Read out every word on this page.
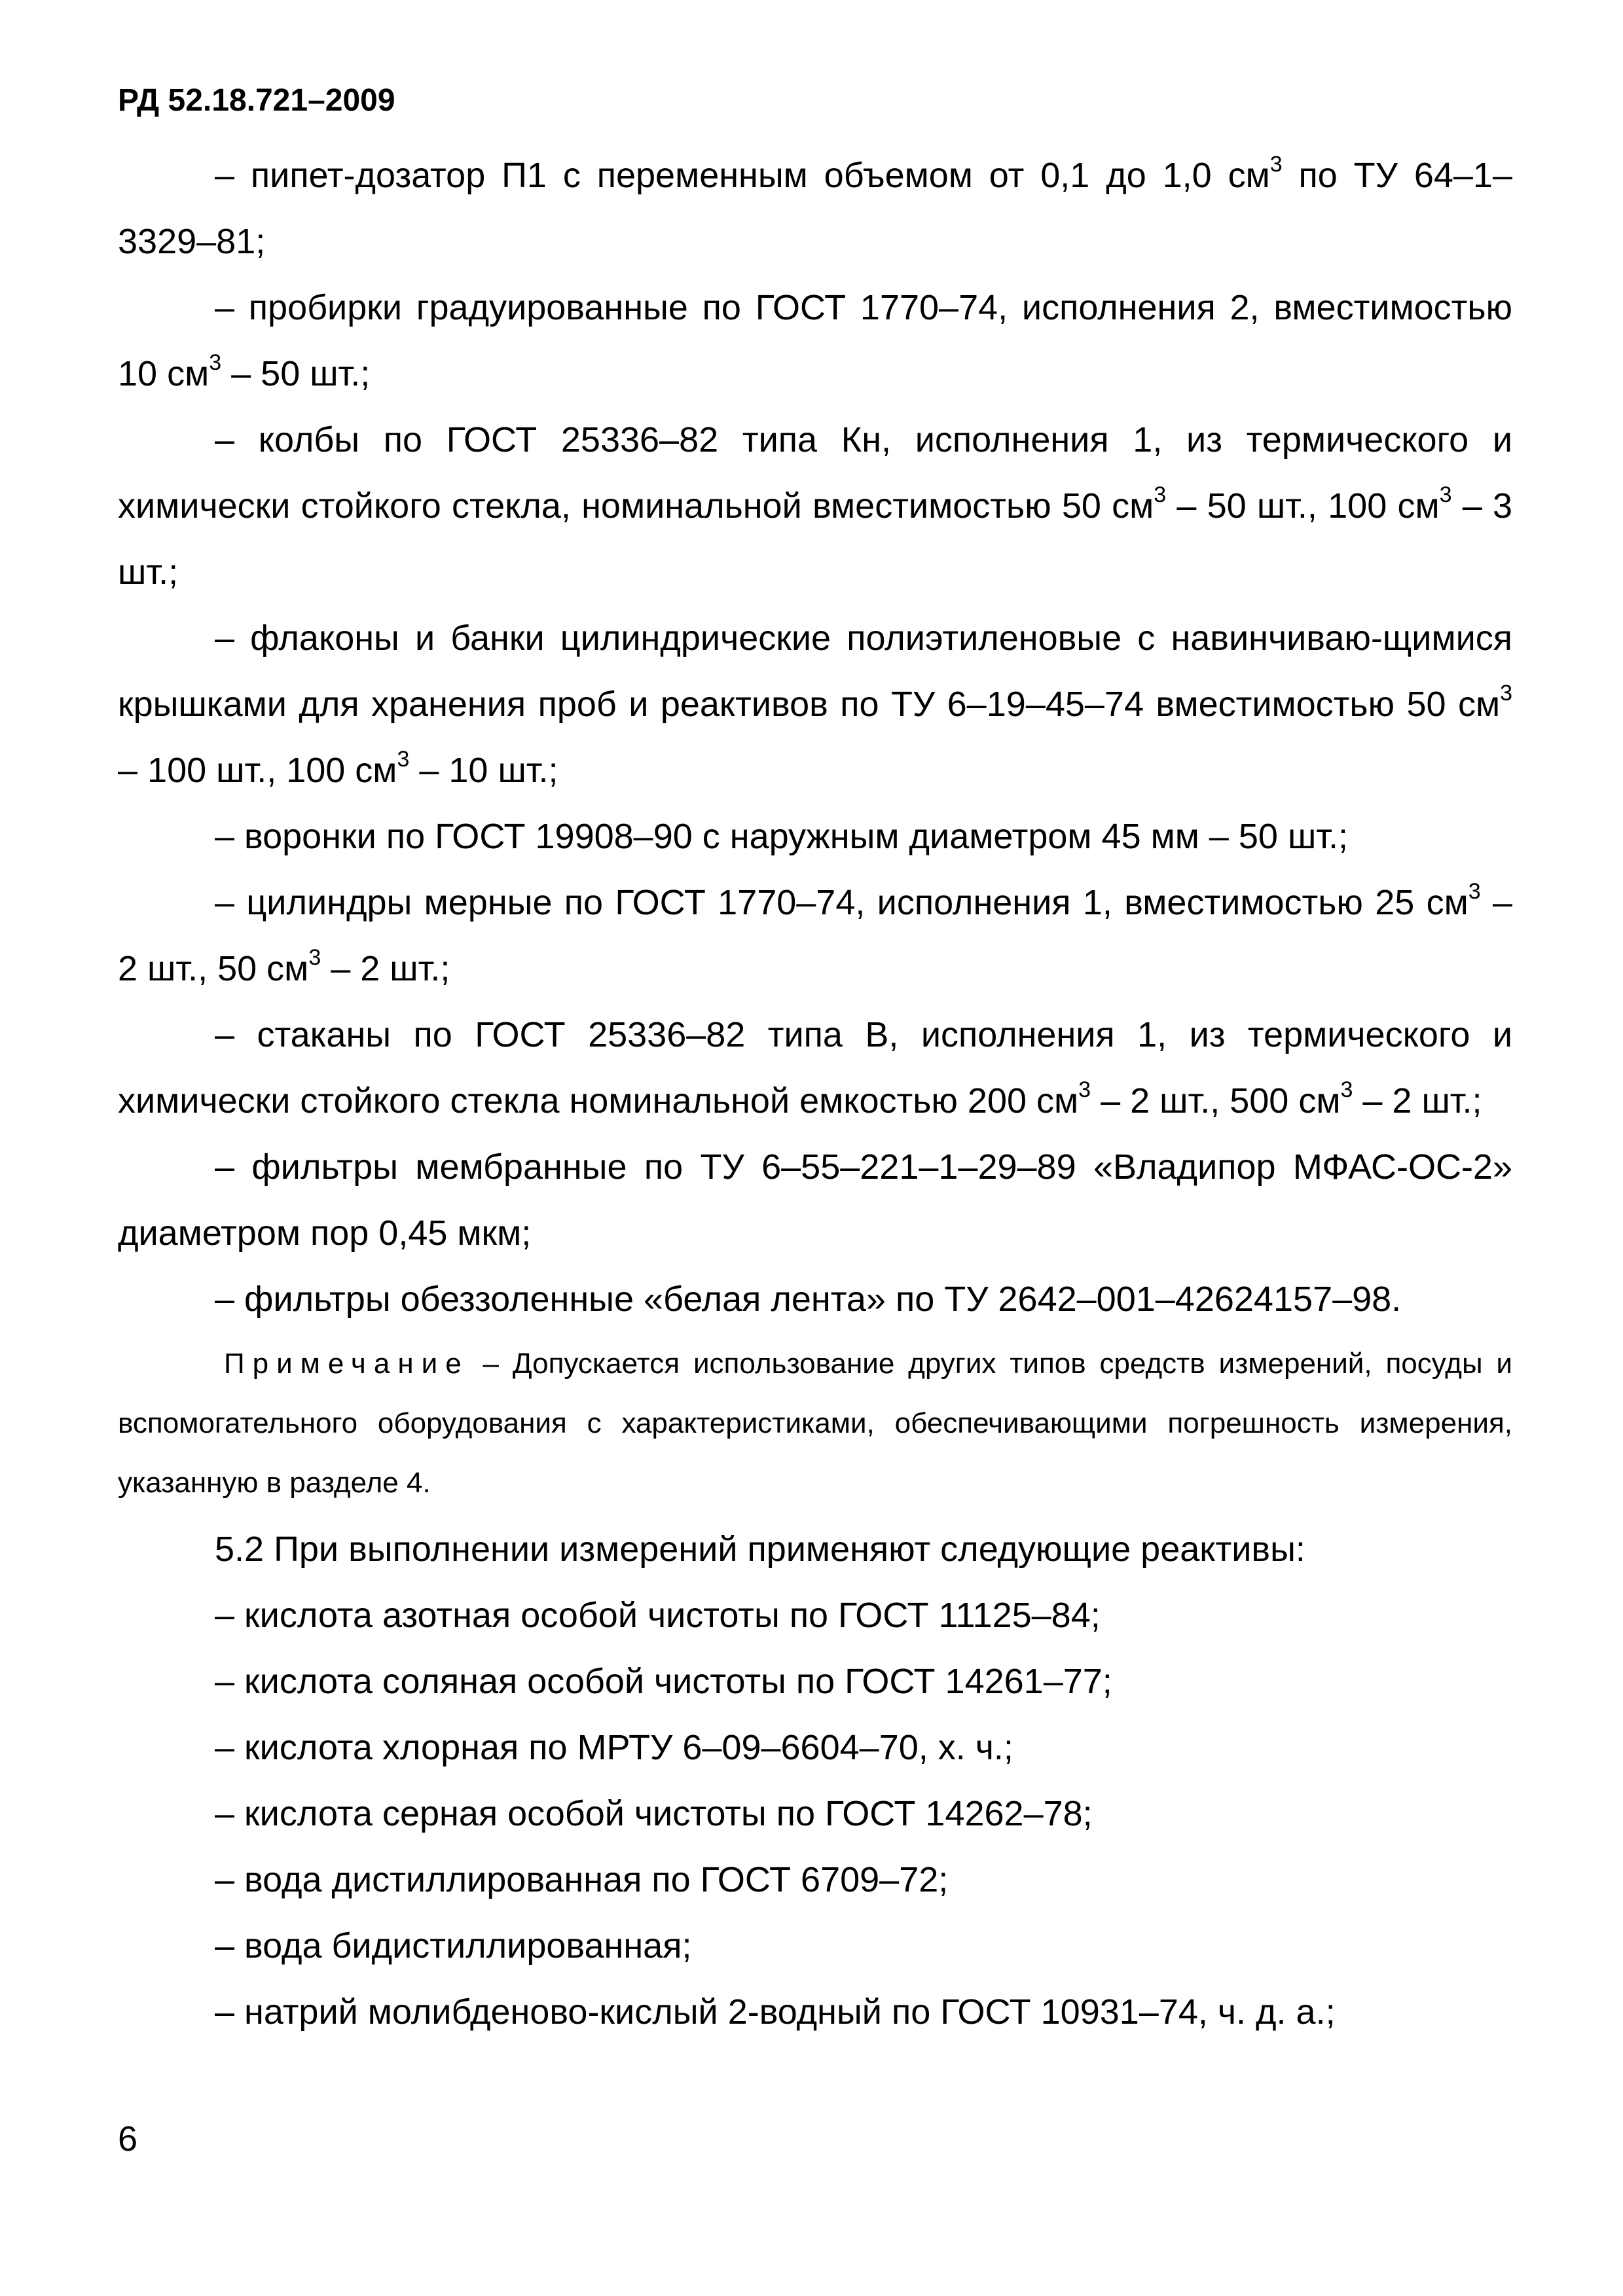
РД 52.18.721–2009

– пипет-дозатор П1 с переменным объемом от 0,1 до 1,0 $см^3$ по ТУ 64–1–3329–81;

– пробирки градуированные по ГОСТ 1770–74, исполнения 2, вместимостью 10 $см^3 - 50$ шт.;

– колбы по ГОСТ 25336–82 типа Кн, исполнения 1, из термического и химически стойкого стекла, номинальной вместимостью 50 $см^3 - 50$ шт., 100 $см^3 - 3$ шт.;

– флаконы и банки цилиндрические полиэтиленовые с навинчиваю-щимися крышками для хранения проб и реактивов по ТУ 6–19–45–74 вместимостью 50 $см^3 - 100$ шт., 100 $см^3 - 10$ шт.;

– воронки по ГОСТ 19908–90 с наружным диаметром 45 мм – 50 шт.;

– цилиндры мерные по ГОСТ 1770–74, исполнения 1, вместимостью 25 $см^3 - 2$ шт., 50 $см^3 - 2$ шт.;

– стаканы по ГОСТ 25336–82 типа В, исполнения 1, из термического и химически стойкого стекла номинальной емкостью 200 $см^3 - 2$ шт., 500 $см^3 - 2$ шт.;

– фильтры мембранные по ТУ 6–55–221–1–29–89 «Владипор МФАС-ОС-2» диаметром пор 0,45 мкм;

– фильтры обеззоленные «белая лента» по ТУ 2642–001–42624157–98.

Примечание – Допускается использование других типов средств измерений, посуды и вспомогательного оборудования с характеристиками, обеспечивающими погрешность измерения, указанную в разделе 4.

5.2 При выполнении измерений применяют следующие реактивы:

– кислота азотная особой чистоты по ГОСТ 11125–84;

– кислота соляная особой чистоты по ГОСТ 14261–77;

– кислота хлорная по МРТУ 6–09–6604–70, х. ч.;

– кислота серная особой чистоты по ГОСТ 14262–78;

– вода дистиллированная по ГОСТ 6709–72;

– вода бидистиллированная;

– натрий молибденово-кислый 2-водный по ГОСТ 10931–74, ч. д. а.;

6
